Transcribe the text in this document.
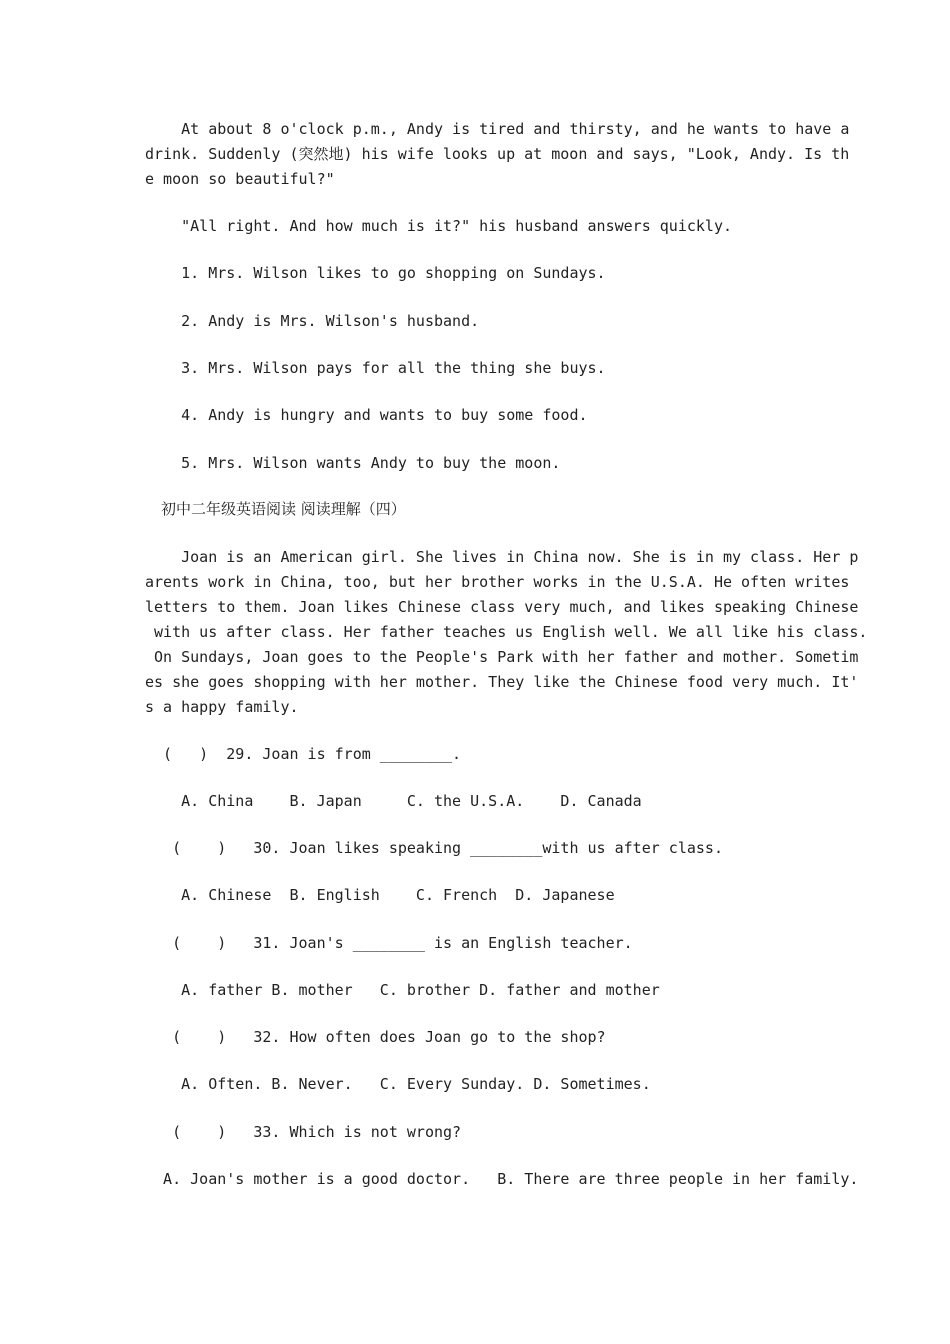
At about 8 o'clock p.m., Andy is tired and thirsty, and he wants to have a
drink. Suddenly (突然地) his wife looks up at moon and says, "Look, Andy. Is th
e moon so beautiful?"
"All right. And how much is it?" his husband answers quickly.
1. Mrs. Wilson likes to go shopping on Sundays.
2. Andy is Mrs. Wilson's husband.
3. Mrs. Wilson pays for all the thing she buys.
4. Andy is hungry and wants to buy some food.
5. Mrs. Wilson wants Andy to buy the moon.
初中二年级英语阅读 阅读理解（四）
Joan is an American girl. She lives in China now. She is in my class. Her p
arents work in China, too, but her brother works in the U.S.A. He often writes
letters to them. Joan likes Chinese class very much, and likes speaking Chinese
with us after class. Her father teaches us English well. We all like his class.
On Sundays, Joan goes to the People's Park with her father and mother. Sometim
es she goes shopping with her mother. They like the Chinese food very much. It'
s a happy family.
(   )  29. Joan is from ________.
A. China    B. Japan     C. the U.S.A.    D. Canada
(    )   30. Joan likes speaking ________with us after class.
A. Chinese  B. English    C. French  D. Japanese
(    )   31. Joan's ________ is an English teacher.
A. father B. mother   C. brother D. father and mother
(    )   32. How often does Joan go to the shop?
A. Often. B. Never.   C. Every Sunday. D. Sometimes.
(    )   33. Which is not wrong?
A. Joan's mother is a good doctor.   B. There are three people in her family.
